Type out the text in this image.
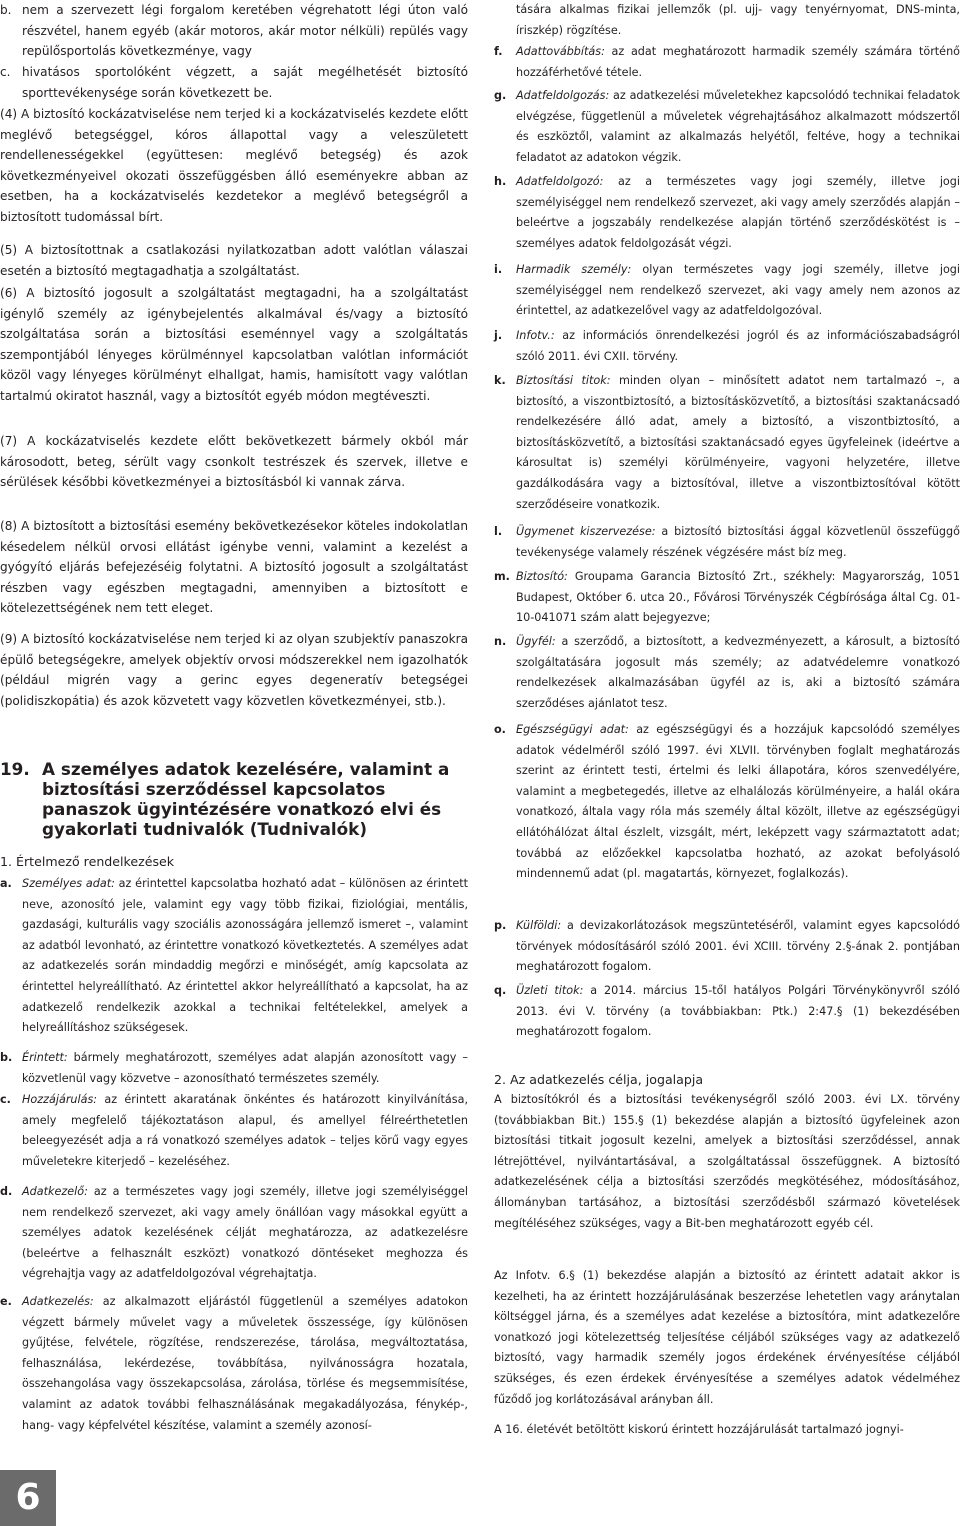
b. nem a szervezett légi forgalom keretében végrehatott légi úton való részvétel, hanem egyéb (akár motoros, akár motor nélküli) repülés vagy repülősportolás következménye, vagy
c. hivatásos sportolóként végzett, a saját megélhetését biztosító sporttevékenysége során következett be.
(4) A biztosító kockázatviselése nem terjed ki a kockázatviselés kezdete előtt meglévő betegséggel, kóros állapottal vagy a veleszületett rendellenességekkel (együttesen: meglévő betegség) és azok következményeivel okozati összefüggésben álló eseményekre abban az esetben, ha a kockázatviselés kezdetekor a meglévő betegségről a biztosított tudomással bírt.
(5) A biztosítottnak a csatlakozási nyilatkozatban adott valótlan válaszai esetén a biztosító megtagadhatja a szolgáltatást.
(6) A biztosító jogosult a szolgáltatást megtagadni, ha a szolgáltatást igénylő személy az igénybejelentés alkalmával és/vagy a biztosító szolgáltatása során a biztosítási eseménnyel vagy a szolgáltatás szempontjából lényeges körülménnyel kapcsolatban valótlan információt közöl vagy lényeges körülményt elhallgat, hamis, hamisított vagy valótlan tartalmú okiratot használ, vagy a biztosítót egyéb módon megtéveszti.
(7) A kockázatviselés kezdete előtt bekövetkezett bármely okból már károsodott, beteg, sérült vagy csonkolt testrészek és szervek, illetve e sérülések későbbi következményei a biztosításból ki vannak zárva.
(8) A biztosított a biztosítási esemény bekövetkezésekor köteles indokolatlan késedelem nélkül orvosi ellátást igénybe venni, valamint a kezelést a gyógyító eljárás befejezéséig folytatni. A biztosító jogosult a szolgáltatást részben vagy egészben megtagadni, amennyiben a biztosított e kötelezettségének nem tett eleget.
(9) A biztosító kockázatviselése nem terjed ki az olyan szubjektív panaszokra épülő betegségekre, amelyek objektív orvosi módszerekkel nem igazolhatók (például migrén vagy a gerinc egyes degeneratív betegségei (polidiszkopátia) és azok közvetett vagy közvetlen következményei, stb.).
19. A személyes adatok kezelésére, valamint a biztosítási szerződéssel kapcsolatos panaszok ügyintézésére vonatkozó elvi és gyakorlati tudnivalók (Tudnivalók)
1. Értelmező rendelkezések
a. Személyes adat: az érintettel kapcsolatba hozható adat – különösen az érintett neve, azonosító jele, valamint egy vagy több fizikai, fiziológiai, mentális, gazdasági, kulturális vagy szociális azonosságára jellemző ismeret –, valamint az adatból levonható, az érintettre vonatkozó következtetés. A személyes adat az adatkezelés során mindaddig megőrzi e minőségét, amíg kapcsolata az érintettel helyreállítható. Az érintettel akkor helyreállítható a kapcsolat, ha az adatkezelő rendelkezik azokkal a technikai feltételekkel, amelyek a helyreállításhoz szükségesek.
b. Érintett: bármely meghatározott, személyes adat alapján azonosított vagy – közvetlenül vagy közvetve – azonosítható természetes személy.
c. Hozzájárulás: az érintett akaratának önkéntes és határozott kinyilvánítása, amely megfelelő tájékoztatáson alapul, és amellyel félreérthetetlen beleegyezését adja a rá vonatkozó személyes adatok – teljes körű vagy egyes műveletekre kiterjedő – kezeléséhez.
d. Adatkezelő: az a természetes vagy jogi személy, illetve jogi személyiséggel nem rendelkező szervezet, aki vagy amely önállóan vagy másokkal együtt a személyes adatok kezelésének célját meghatározza, az adatkezelésre (beleértve a felhasznált eszközt) vonatkozó döntéseket meghozza és végrehajtja vagy az adatfeldolgozóval végrehajtatja.
e. Adatkezelés: az alkalmazott eljárástól függetlenül a személyes adatokon végzett bármely művelet vagy a műveletek összessége, így különösen gyűjtése, felvétele, rögzítése, rendszerezése, tárolása, megváltoztatása, felhasználása, lekérdezése, továbbítása, nyilvánosságra hozatala, összehangolása vagy összekapcsolása, zárolása, törlése és megsemmisítése, valamint az adatok további felhasználásának megakadályozása, fénykép-, hang- vagy képfelvétel készítése, valamint a személy azonosí-
6
tására alkalmas fizikai jellemzők (pl. ujj- vagy tenyérnyomat, DNS-minta, íriszkép) rögzítése.
f. Adattovábbítás: az adat meghatározott harmadik személy számára történő hozzáférhetővé tétele.
g. Adatfeldolgozás: az adatkezelési műveletekhez kapcsolódó technikai feladatok elvégzése, függetlenül a műveletek végrehajtásához alkalmazott módszertől és eszköztől, valamint az alkalmazás helyétől, feltéve, hogy a technikai feladatot az adatokon végzik.
h. Adatfeldolgozó: az a természetes vagy jogi személy, illetve jogi személyiséggel nem rendelkező szervezet, aki vagy amely szerződés alapján – beleértve a jogszabály rendelkezése alapján történő szerződéskötést is – személyes adatok feldolgozását végzi.
i. Harmadik személy: olyan természetes vagy jogi személy, illetve jogi személyiséggel nem rendelkező szervezet, aki vagy amely nem azonos az érintettel, az adatkezelővel vagy az adatfeldolgozóval.
j. Infotv.: az információs önrendelkezési jogról és az információszabadságról szóló 2011. évi CXII. törvény.
k. Biztosítási titok: minden olyan – minősített adatot nem tartalmazó –, a biztosító, a viszontbiztosító, a biztosításközvetítő, a biztosítási szaktanácsadó rendelkezésére álló adat, amely a biztosító, a viszontbiztosító, a biztosításközvetítő, a biztosítási szaktanácsadó egyes ügyfeleinek (ideértve a károsultat is) személyi körülményeire, vagyoni helyzetére, illetve gazdálkodására vagy a biztosítóval, illetve a viszontbiztosítóval kötött szerződéseire vonatkozik.
l. Ügymenet kiszervezése: a biztosító biztosítási ággal közvetlenül összefüggő tevékenysége valamely részének végzésére mást bíz meg.
m. Biztosító: Groupama Garancia Biztosító Zrt., székhely: Magyarország, 1051 Budapest, Október 6. utca 20., Fővárosi Törvényszék Cégbírósága által Cg. 01-10-041071 szám alatt bejegyezve;
n. Ügyfél: a szerződő, a biztosított, a kedvezményezett, a károsult, a biztosító szolgáltatására jogosult más személy; az adatvédelemre vonatkozó rendelkezések alkalmazásában ügyfél az is, aki a biztosító számára szerződéses ajánlatot tesz.
o. Egészségügyi adat: az egészségügyi és a hozzájuk kapcsolódó személyes adatok védelméről szóló 1997. évi XLVII. törvényben foglalt meghatározás szerint az érintett testi, értelmi és lelki állapotára, kóros szenvedélyére, valamint a megbetegedés, illetve az elhalálozás körülményeire, a halál okára vonatkozó, általa vagy róla más személy által közölt, illetve az egészségügyi ellátóhálózat által észlelt, vizsgált, mért, leképzett vagy származtatott adat; továbbá az előzőekkel kapcsolatba hozható, az azokat befolyásoló mindennemű adat (pl. magatartás, környezet, foglalkozás).
p. Külföldi: a devizakorlátozások megszüntetéséről, valamint egyes kapcsolódó törvények módosításáról szóló 2001. évi XCIII. törvény 2.§-ának 2. pontjában meghatározott fogalom.
q. Üzleti titok: a 2014. március 15-től hatályos Polgári Törvénykönyvről szóló 2013. évi V. törvény (a továbbiakban: Ptk.) 2:47.§ (1) bekezdésében meghatározott fogalom.
2. Az adatkezelés célja, jogalapja
A biztosítókról és a biztosítási tevékenységről szóló 2003. évi LX. törvény (továbbiakban Bit.) 155.§ (1) bekezdése alapján a biztosító ügyfeleinek azon biztosítási titkait jogosult kezelni, amelyek a biztosítási szerződéssel, annak létrejöttével, nyilvántartásával, a szolgáltatással összefüggnek. A biztosító adatkezelésének célja a biztosítási szerződés megkötéséhez, módosításához, állományban tartásához, a biztosítási szerződésből származó követelések megítéléséhez szükséges, vagy a Bit-ben meghatározott egyéb cél.
Az Infotv. 6.§ (1) bekezdése alapján a biztosító az érintett adatait akkor is kezelheti, ha az érintett hozzájárulásának beszerzése lehetetlen vagy aránytalan költséggel járna, és a személyes adat kezelése a biztosítóra, mint adatkezelőre vonatkozó jogi kötelezettség teljesítése céljából szükséges vagy az adatkezelő biztosító, vagy harmadik személy jogos érdekének érvényesítése céljából szükséges, és ezen érdekek érvényesítése a személyes adatok védelméhez fűződő jog korlátozásával arányban áll.
A 16. életévét betöltött kiskorú érintett hozzájárulását tartalmazó jognyi-
